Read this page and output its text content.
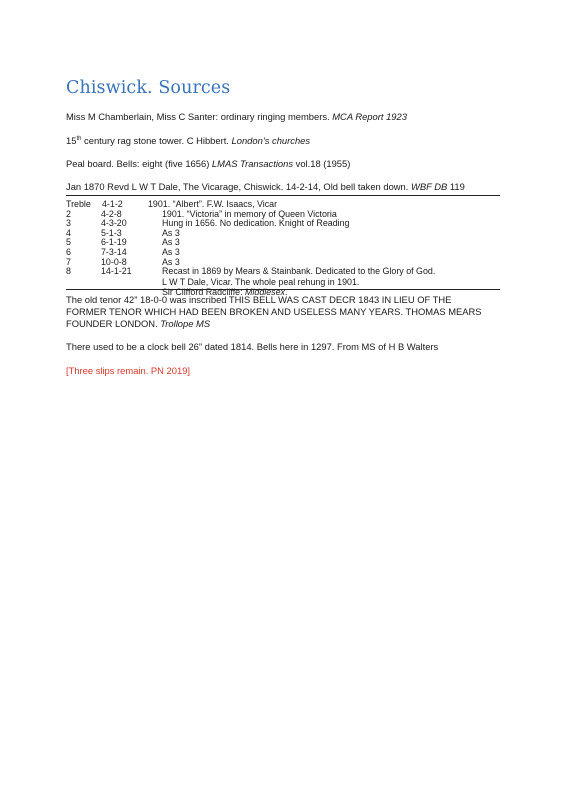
Chiswick. Sources
Miss M Chamberlain, Miss C Santer: ordinary ringing members. MCA Report 1923
15th century rag stone tower. C Hibbert. London’s churches
Peal board. Bells: eight (five 1656) LMAS Transactions vol.18 (1955)
Jan 1870 Revd L W T Dale, The Vicarage, Chiswick. 14-2-14, Old bell taken down. WBF DB 119
Treble 4-1-2	1901. “Albert”. F.W. Isaacs, Vicar
2	4-2-8	1901. “Victoria” in memory of Queen Victoria
3	4-3-20	Hung in 1656. No dedication. Knight of Reading
4	5-1-3	As 3
5	6-1-19	As 3
6	7-3-14	As 3
7	10-0-8	As 3
8	14-1-21	Recast in 1869 by Mears & Stainbank. Dedicated to the Glory of God.
L W T Dale, Vicar. The whole peal rehung in 1901.
Sir Clifford Radcliffe: Middlesex.
The old tenor 42” 18-0-0 was inscribed THIS BELL WAS CAST DECR 1843 IN LIEU OF THE
FORMER TENOR WHICH HAD BEEN BROKEN AND USELESS MANY YEARS. THOMAS MEARS
FOUNDER LONDON. Trollope MS
There used to be a clock bell 26” dated 1814. Bells here in 1297. From MS of H B Walters
[Three slips remain. PN 2019]
